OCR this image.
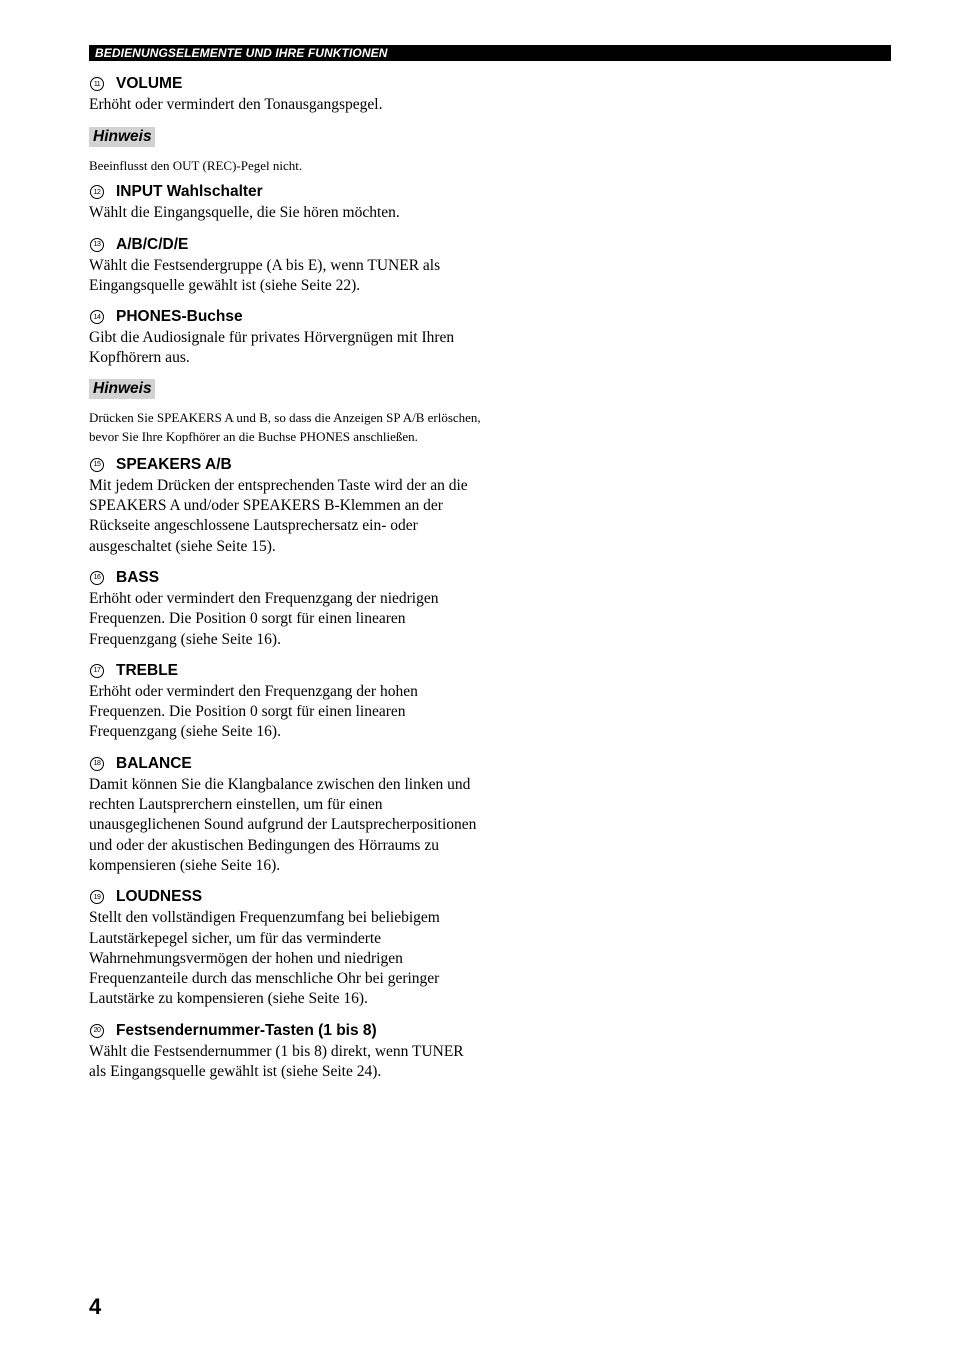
BEDIENUNGSELEMENTE UND IHRE FUNKTIONEN
11 VOLUME
Erhöht oder vermindert den Tonausgangspegel.
Hinweis
Beeinflusst den OUT (REC)-Pegel nicht.
12 INPUT Wahlschalter
Wählt die Eingangsquelle, die Sie hören möchten.
13 A/B/C/D/E
Wählt die Festsendergruppe (A bis E), wenn TUNER als Eingangsquelle gewählt ist (siehe Seite 22).
14 PHONES-Buchse
Gibt die Audiosignale für privates Hörvergnügen mit Ihren Kopfhörern aus.
Hinweis
Drücken Sie SPEAKERS A und B, so dass die Anzeigen SP A/B erlöschen, bevor Sie Ihre Kopfhörer an die Buchse PHONES anschließen.
15 SPEAKERS A/B
Mit jedem Drücken der entsprechenden Taste wird der an die SPEAKERS A und/oder SPEAKERS B-Klemmen an der Rückseite angeschlossene Lautsprechersatz ein- oder ausgeschaltet (siehe Seite 15).
16 BASS
Erhöht oder vermindert den Frequenzgang der niedrigen Frequenzen. Die Position 0 sorgt für einen linearen Frequenzgang (siehe Seite 16).
17 TREBLE
Erhöht oder vermindert den Frequenzgang der hohen Frequenzen. Die Position 0 sorgt für einen linearen Frequenzgang (siehe Seite 16).
18 BALANCE
Damit können Sie die Klangbalance zwischen den linken und rechten Lautsprerchern einstellen, um für einen unausgeglichenen Sound aufgrund der Lautsprecherpositionen und oder der akustischen Bedingungen des Hörraums zu kompensieren (siehe Seite 16).
19 LOUDNESS
Stellt den vollständigen Frequenzumfang bei beliebigem Lautstärkepegel sicher, um für das verminderte Wahrnehmungsvermögen der hohen und niedrigen Frequenzanteile durch das menschliche Ohr bei geringer Lautstärke zu kompensieren (siehe Seite 16).
20 Festsendernummer-Tasten (1 bis 8)
Wählt die Festsendernummer (1 bis 8) direkt, wenn TUNER als Eingangsquelle gewählt ist (siehe Seite 24).
4
